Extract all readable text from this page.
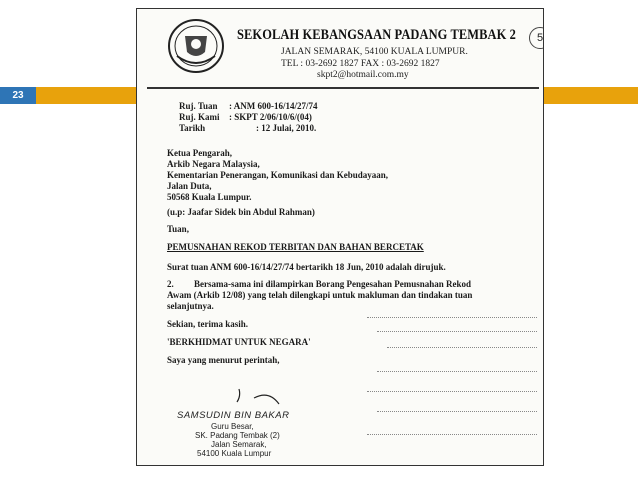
23
SEKOLAH KEBANGSAAN PADANG TEMBAK 2
JALAN SEMARAK, 54100 KUALA LUMPUR.
TEL : 03-2692 1827 FAX : 03-2692 1827
skpt2@hotmail.com.my
5
Ruj. Tuan : ANM 600-16/14/27/74
Ruj. Kami : SKPT 2/06/10/6/(04)
Tarikh	: 12 Julai, 2010.
Ketua Pengarah,
Arkib Negara Malaysia,
Kementarian Penerangan, Komunikasi dan Kebudayaan,
Jalan Duta,
50568 Kuala Lumpur.
(u.p: Jaafar Sidek bin Abdul Rahman)
Tuan,
PEMUSNAHAN REKOD TERBITAN DAN BAHAN BERCETAK
Surat tuan ANM 600-16/14/27/74 bertarikh 18 Jun, 2010 adalah dirujuk.
2. Bersama-sama ini dilampirkan Borang Pengesahan Pemusnahan Rekod
Awam (Arkib 12/08) yang telah dilengkapi untuk makluman dan tindakan tuan
selanjutnya.
Sekian, terima kasih.
'BERKHIDMAT UNTUK NEGARA'
Saya yang menurut perintah,
SAMSUDIN BIN BAKAR
Guru Besar,
SK. Padang Tembak (2)
Jalan Semarak,
54100 Kuala Lumpur
